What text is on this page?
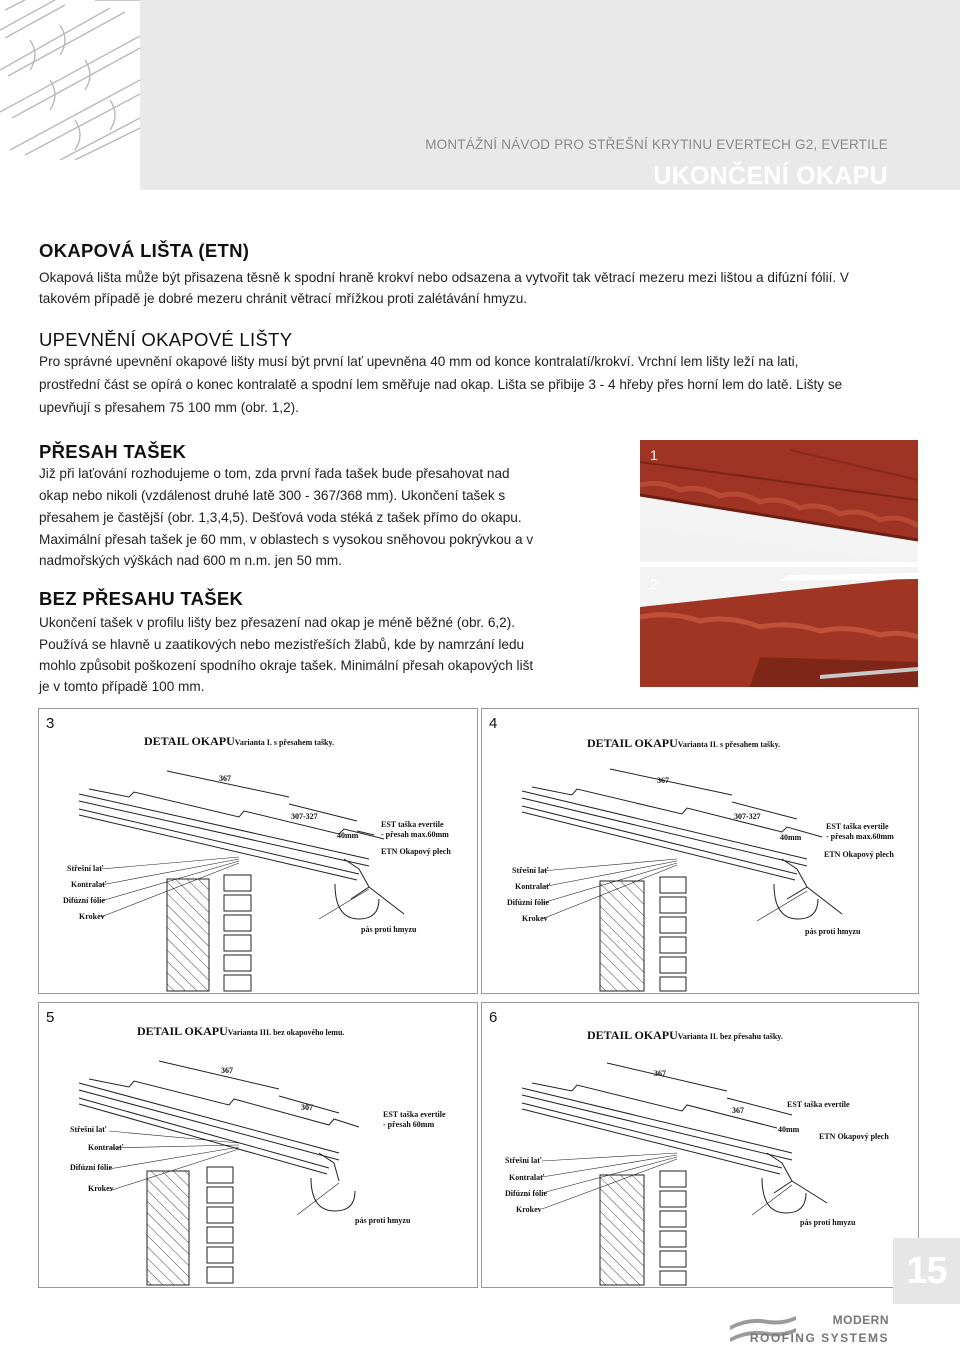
MONTÁŽNÍ NÁVOD PRO STŘEŠNÍ KRYTINU EVERTECH G2, EVERTILE
UKONČENÍ OKAPU
OKAPOVÁ LIŠTA (ETN)

Okapová lišta může být přisazena těsně k spodní hraně krokví nebo odsazena a vytvořit tak větrací mezeru mezi lištou a difúzní fólií. V

takovém případě je dobré mezeru chránit větrací mřížkou proti zalétávání hmyzu.

UPEVNĚNÍ OKAPOVÉ LIŠTY

Pro správné upevnění okapové lišty musí být první lať upevněna 40 mm od konce kontralatí/krokví. Vrchní lem lišty leží na lati,

prostřední část se opírá o konec kontralatě a spodní lem směřuje nad okap. Lišta se přibije 3 - 4 hřeby přes horní lem do latě. Lišty se

upevňují s přesahem 75 100 mm (obr. 1,2).

PŘESAH TAŠEK

Již při laťování rozhodujeme o tom, zda první řada tašek bude přesahovat nad

okap nebo nikoli (vzdálenost druhé latě 300 - 367/368 mm). Ukončení tašek s

přesahem je častější (obr. 1,3,4,5). Dešťová voda stéká z tašek přímo do okapu.

Maximální přesah tašek je 60 mm, v oblastech s vysokou sněhovou pokrývkou a v

nadmořských výškách nad 600 m n.m. jen 50 mm.

BEZ PŘESAHU TAŠEK

Ukončení tašek v profilu lišty bez přesazení nad okap je méně běžné (obr. 6,2).

Používá se hlavně u zaatikových nebo mezistřeších žlabů, kde by namrzání ledu

mohlo způsobit poškození spodního okraje tašek. Minimální přesah okapových lišt

je v tomto případě 100 mm.

1
2
3
DETAIL OKAPUVarianta I. s přesahem tašky.
367
307-327
40mm
EST taška evertile
- přesah max.60mm
ETN Okapový plech
Střešní lať
Kontralať
Difúzní fólie
Krokev
pás proti hmyzu
4
DETAIL OKAPUVarianta II. s přesahem tašky.
367
307-327
40mm
EST taška evertile
- přesah max.60mm
ETN Okapový plech
Střešní lať
Kontralať
Difúzní fólie
Krokev
pás proti hmyzu
5
DETAIL OKAPUVarianta III. bez okapového lemu.
367
307
EST taška evertile
- přesah 60mm
Střešní lať
Kontralať
Difúzní fólie
Krokev
pás proti hmyzu
6
DETAIL OKAPUVarianta II. bez přesahu tašky.
367
367
40mm
EST taška evertile
ETN Okapový plech
Střešní lať
Kontralať
Difúzní fólie
Krokev
pás proti hmyzu
15
MODERN
ROOFING SYSTEMS
